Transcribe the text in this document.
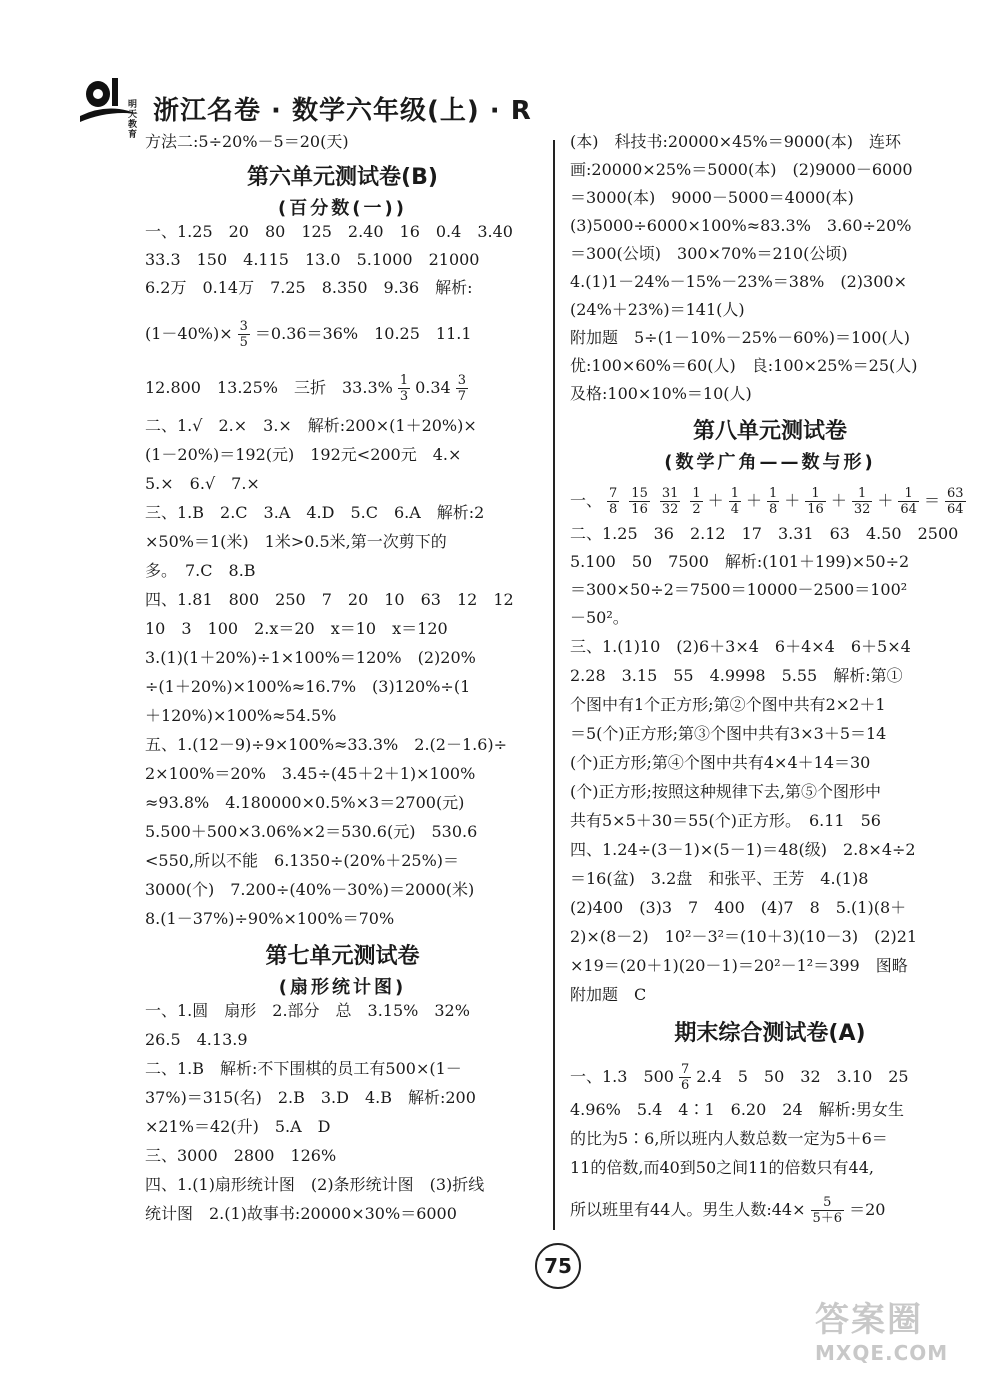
明天教育
浙江名卷 · 数学六年级(上) · R

方法二:5÷20%－5＝20(天)

第六单元测试卷(B)
(百分数(一))

一、1.25　20　80　125　2.40　16　0.4　3.40

33.3　150　4.115　13.0　5.1000　21000

6.2万　0.14万　7.25　8.350　9.36　解析:

$(1-40\%)\times \frac{3}{5} =0.36=36\%$　10.25　11.1
12.800　13.25%　三折　$33.3\% \frac{1}{3} 0.34 \frac{3}{7}$

二、1.√　2.×　3.×　解析:200×(1＋20%)×

(1－20%)＝192(元)　192元<200元　4.×

5.×　6.√　7.×

三、1.B　2.C　3.A　4.D　5.C　6.A　解析:2

×50%＝1(米)　1米>0.5米,第一次剪下的

多。　7.C　8.B

四、1.81　800　250　7　20　10　63　12　12

10　3　100　2.x＝20　x＝10　x＝120

3.(1)(1＋20%)÷1×100%＝120%　(2)20%

÷(1＋20%)×100%≈16.7%　(3)120%÷(1

＋120%)×100%≈54.5%

五、1.(12－9)÷9×100%≈33.3%　2.(2－1.6)÷

2×100%＝20%　3.45÷(45＋2＋1)×100%

≈93.8%　4.180000×0.5%×3＝2700(元)

5.500＋500×3.06%×2＝530.6(元)　530.6

<550,所以不能　6.1350÷(20%＋25%)＝

3000(个)　7.200÷(40%－30%)＝2000(米)

8.(1－37%)÷90%×100%＝70%

第七单元测试卷
(扇形统计图)

一、1.圆　扇形　2.部分　总　3.15%　32%

26.5　4.13.9

二、1.B　解析:不下围棋的员工有500×(1－

37%)＝315(名)　2.B　3.D　4.B　解析:200

×21%＝42(升)　5.A　D

三、3000　2800　126%

四、1.(1)扇形统计图　(2)条形统计图　(3)折线

统计图　2.(1)故事书:20000×30%＝6000

(本)　科技书:20000×45%＝9000(本)　连环

画:20000×25%＝5000(本)　(2)9000－6000

＝3000(本)　9000－5000＝4000(本)

(3)5000÷6000×100%≈83.3%　3.60÷20%

＝300(公顷)　300×70%＝210(公顷)

4.(1)1－24%－15%－23%＝38%　(2)300×

(24%＋23%)＝141(人)

附加题　5÷(1－10%－25%－60%)＝100(人)

优:100×60%＝60(人)　良:100×25%＝25(人)

及格:100×10%＝10(人)

第八单元测试卷
(数学广角——数与形)
一、 $\frac{7}{8} \frac{15}{16} \frac{31}{32} \frac{1}{2} + \frac{1}{4} + \frac{1}{8} + \frac{1}{16} + \frac{1}{32} + \frac{1}{64} = \frac{63}{64}$

二、1.25　36　2.12　17　3.31　63　4.50　2500

5.100　50　7500　解析:(101＋199)×50÷2

＝300×50÷2＝7500＝10000－2500＝100²

－50²。

三、1.(1)10　(2)6＋3×4　6＋4×4　6＋5×4

2.28　3.15　55　4.9998　5.55　解析:第①

个图中有1个正方形;第②个图中共有2×2＋1

＝5(个)正方形;第③个图中共有3×3＋5＝14

(个)正方形;第④个图中共有4×4＋14＝30

(个)正方形;按照这种规律下去,第⑤个图形中

共有5×5＋30＝55(个)正方形。　6.11　56

四、1.24÷(3－1)×(5－1)＝48(级)　2.8×4÷2

＝16(盆)　3.2盘　和张平、王芳　4.(1)8

(2)400　(3)3　7　400　(4)7　8　5.(1)(8＋

2)×(8－2)　10²－3²＝(10＋3)(10－3)　(2)21

×19＝(20＋1)(20－1)＝20²－1²＝399　图略

附加题　C

期末综合测试卷(A)
一、1.3　$500 \frac{7}{6} 2.4$　5　50　32　3.10　25

4.96%　5.4　4∶1　6.20　24　解析:男女生

的比为5∶6,所以班内人数总数一定为5＋6＝

11的倍数,而40到50之间11的倍数只有44,

所以班里有44人。男生人数:44× $\frac{5}{5+6} =20$
75
答案圈
MXQE.COM
